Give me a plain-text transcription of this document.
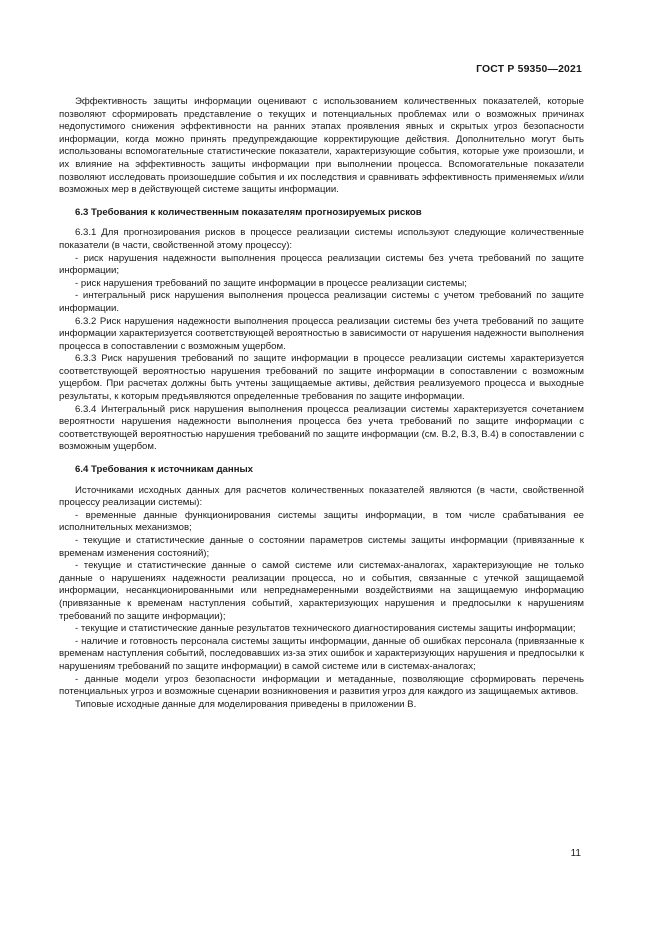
ГОСТ Р 59350—2021

Эффективность защиты информации оценивают с использованием количественных показателей, которые позволяют сформировать представление о текущих и потенциальных проблемах или о возможных причинах недопустимого снижения эффективности на ранних этапах проявления явных и скрытых угроз безопасности информации, когда можно принять предупреждающие корректирующие действия. Дополнительно могут быть использованы вспомогательные статистические показатели, характеризующие события, которые уже произошли, и их влияние на эффективность защиты информации при выполнении процесса. Вспомогательные показатели позволяют исследовать произошедшие события и их последствия и сравнивать эффективность применяемых и/или возможных мер в действующей системе защиты информации.

6.3 Требования к количественным показателям прогнозируемых рисков

6.3.1 Для прогнозирования рисков в процессе реализации системы используют следующие количественные показатели (в части, свойственной этому процессу):

- риск нарушения надежности выполнения процесса реализации системы без учета требований по защите информации;

- риск нарушения требований по защите информации в процессе реализации системы;

- интегральный риск нарушения выполнения процесса реализации системы с учетом требований по защите информации.

6.3.2 Риск нарушения надежности выполнения процесса реализации системы без учета требований по защите информации характеризуется соответствующей вероятностью в зависимости от нарушения надежности выполнения процесса в сопоставлении с возможным ущербом.

6.3.3 Риск нарушения требований по защите информации в процессе реализации системы характеризуется соответствующей вероятностью нарушения требований по защите информации в сопоставлении с возможным ущербом. При расчетах должны быть учтены защищаемые активы, действия реализуемого процесса и выходные результаты, к которым предъявляются определенные требования по защите информации.

6.3.4 Интегральный риск нарушения выполнения процесса реализации системы характеризуется сочетанием вероятности нарушения надежности выполнения процесса без учета требований по защите информации с соответствующей вероятностью нарушения требований по защите информации (см. В.2, В.3, В.4) в сопоставлении с возможным ущербом.

6.4 Требования к источникам данных

Источниками исходных данных для расчетов количественных показателей являются (в части, свойственной процессу реализации системы):

- временные данные функционирования системы защиты информации, в том числе срабатывания ее исполнительных механизмов;

- текущие и статистические данные о состоянии параметров системы защиты информации (привязанные к временам изменения состояний);

- текущие и статистические данные о самой системе или системах-аналогах, характеризующие не только данные о нарушениях надежности реализации процесса, но и события, связанные с утечкой защищаемой информации, несанкционированными или непреднамеренными воздействиями на защищаемую информацию (привязанные к временам наступления событий, характеризующих нарушения и предпосылки к нарушениям требований по защите информации);

- текущие и статистические данные результатов технического диагностирования системы защиты информации;

- наличие и готовность персонала системы защиты информации, данные об ошибках персонала (привязанные к временам наступления событий, последовавших из-за этих ошибок и характеризующих нарушения и предпосылки к нарушениям требований по защите информации) в самой системе или в системах-аналогах;

- данные модели угроз безопасности информации и метаданные, позволяющие сформировать перечень потенциальных угроз и возможные сценарии возникновения и развития угроз для каждого из защищаемых активов.

Типовые исходные данные для моделирования приведены в приложении В.

11
